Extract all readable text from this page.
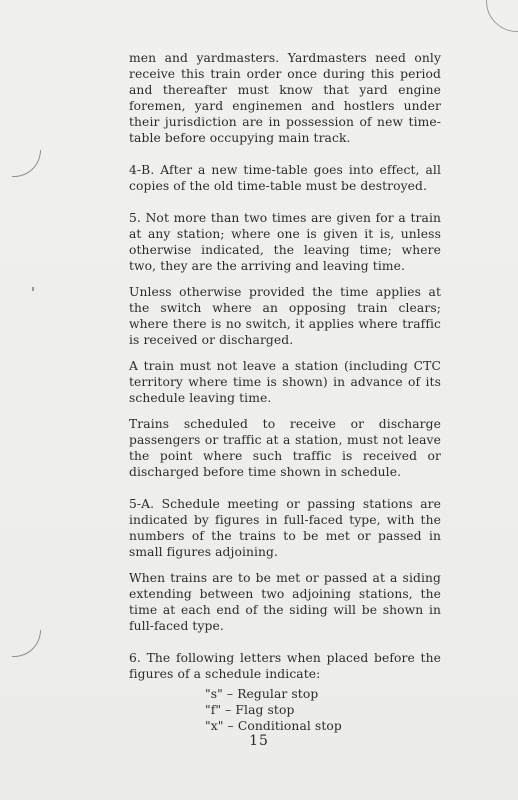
men and yardmasters. Yardmasters need only receive this train order once during this period and thereafter must know that yard engine foremen, yard enginemen and hostlers under their jurisdiction are in possession of new time-table before occupying main track.

4-B. After a new time-table goes into effect, all copies of the old time-table must be destroyed.

5. Not more than two times are given for a train at any station; where one is given it is, unless otherwise indicated, the leaving time; where two, they are the arriving and leaving time.

Unless otherwise provided the time applies at the switch where an opposing train clears; where there is no switch, it applies where traffic is received or discharged.

A train must not leave a station (including CTC territory where time is shown) in advance of its schedule leaving time.

Trains scheduled to receive or discharge passengers or traffic at a station, must not leave the point where such traffic is received or discharged before time shown in schedule.

5-A. Schedule meeting or passing stations are indicated by figures in full-faced type, with the numbers of the trains to be met or passed in small figures adjoining.

When trains are to be met or passed at a siding extending between two adjoining stations, the time at each end of the siding will be shown in full-faced type.

6. The following letters when placed before the figures of a schedule indicate:

"s" – Regular stop
"f" – Flag stop
"x" – Conditional stop
15
